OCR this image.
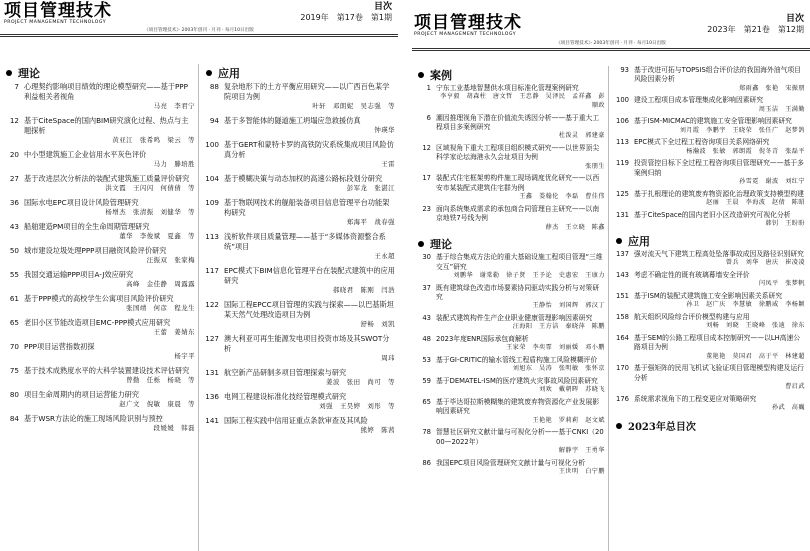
项目管理技术
PROJECT MANAGEMENT TECHNOLOGY
目次
2019年　第17卷　第1期
《项目管理技术》· 2003年创刊 · 月刊 · 每月10日出版
理论
7 心理契约影响项目绩效的理论模型研究——基于PPP利益相关者视角
马亮　李君宁
12 基于CiteSpace的国内BIM研究演化过程、热点与主题探析
黄亚江　张希鸣　梁云　等
20 中小型建筑施工企业信用水平灰色评价
马力　滕培胜
27 基于改进层次分析法的装配式建筑施工质量评价研究
洪文霞　王闪闪　何倩倩　等
36 国际水电EPC项目设计风险管理研究
杨增杰　张清振　刘健华　等
43 船舶建造PM项目的全生命周期管理研究
董华　李俊斌　夏鑫　等
50 城市建设垃圾处理PPP项目融资风险评价研究
汪振双　张家梅
55 我国交通运输PPP项目A-J效应研究
高峰　金佳静　周露露
61 基于PPP模式的高校学生公寓项目风险评价研究
张国靖　何彦　程龙生
65 老旧小区节能改造项目EMC-PPP模式应用研究
王蕾　姜婧东
70 PPP项目运营指数初探
杨宇平
75 基于技术成熟度水平的大科学装置建设技术评估研究
曾勤　任栎　杨晓　等
80 项目生命周期内的项目运营能力研究
赵广文　倪敏　康晨　等
84 基于WSR方法论的施工现场风险识别与预控
段媛媛　韩磊
应用
88 复杂地形下的土方平衡应用研究——以广西百色某学院项目为例
叶轩　邓朗妮　吴志强　等
94 基于多智能体的隧道施工坍塌应急救援仿真
钟瑛华
100 基于GERT和蒙特卡罗的高铁防灾系统集成项目风险仿真分析
王雷
104 基于模糊决策与动态加权的高速公路标段划分研究
彭军龙　张湛江
109 基于物联网技术的舰船装备项目信息管理平台功能架构研究
郑海平　战春强
113 浅析软件项目质量管理——基于“多媒体资源整合系统”项目
王永超
117 EPC模式下BIM信息化管理平台在装配式建筑中的应用研究
郝晓君　陈刚　闫浩
122 国际工程EPCC项目管理的实践与探索——以巴基斯坦某天然气处理改造项目为例
舒畅　刘凯
127 澳大利亚可再生能源发电项目投资市场及其SWOT分析
周玮
131 航空新产品研制多项目管理探索与研究
姜波　张田　尚可　等
136 电网工程建设标准化技经管理模式研究
刘强　王昊婷　刘彤　等
141 国际工程实践中信用证重点条款审查及其风险
熊婷　陈茜
项目管理技术
PROJECT MANAGEMENT TECHNOLOGY
目次
2023年　第21卷　第12期
《项目管理技术》· 2003年创刊 · 月刊 · 每月10日出版
案例
1 宁东工业基地智慧供水项目标准化管理案例研究
李亨毅　胡森柱　唐文哲　王忠静　吴泽民　孟祥鑫　彭顺政
6 潮因推理视角下潜在价值流失诱因分析——基于重大工程项目多案例研究
杜泼灵　郭建豪
12 区域视角下重大工程项目组织模式研究——以世界顶尖科学家论坛海港永久会址项目为例
张朋生
17 装配式住宅框架剪构件施工现场调度优化研究——以西安市某装配式建筑住宅群为例
王鑫　娄翰伦　李磊　曹佳伟
23 面向系统集成需求的承包商合同管理自主研究——以南京地铁7号线为例
薛杰　王立晓　陈鑫
理论
30 基于综合集成方法论的重大基础设施工程项目管理“三维交互”研究
刘鹏华　谢棠勒　徐子贤　王予论　史惠宏　王康力
37 既有建筑绿色改造市场要素协同驱动实践分析与对策研究
王静怡　刘国辉　郭汉丁
43 装配式建筑构件生产企业职业健康管理影响因素研究
汪海阳　王方洁　秦晓萍　陈鹏
48 2023年度ENR国际承包商解析
王家荣　李奕霏　刘丽媛　邓小鹏
53 基于GI-CRITIC的输水管线工程盾构施工风险模糊评价
刘旭东　吴涛　张明敏　张怀京
59 基于DEMATEL-ISM的医疗建筑火灾事故风险因素研究
刘欢　戴朝晖　苏晓飞
65 基于毕达哥拉斯模糊集的建筑废弃物资源化产业发展影响因素研究
王艳艳　罗莉莉　赵文斌
78 智慧社区研究文献计量与可视化分析——基于CNKI（2000—2022年）
解静宇　王勇华
86 我国EPC项目风险管理研究文献计量与可视化分析
王世明　白宁鹏
93 基于改进可拓与TOPSIS组合评价法的我国海外油气项目风险因素分析
郑雨鑫　张艳　宋振朋
100 建设工程项目成本管理集成化影响因素研究
周玉洁　王满勤
106 基于ISM-MICMAC的建筑施工安全管理影响因素研究
刘月霞　李鹏宇　王晓荣　张任广　赵梦鸽
113 EPC模式下全过程工程咨询项目关系网络研究
杨瀚波　张敏　郭朗霞　倪冬青　张磊平
119 投资管控目标下全过程工程咨询项目管理研究——基于多案例归纳
孙雪霓　谢波　刘红宁
125 基于扎根理论的建筑废弃物资源化治理政策支持模型构建
赵丽　王晨　李海波　赵倩　陈昭
131 基于CiteSpace的国内老旧小区改造研究可视化分析
韩钊　王盼盼
应用
137 强对流天气下建筑工程高处坠落事故成因及路径识别研究
曾兵　刘华　唐庆　崔凌凌
143 考虑不确定性的既有玻璃幕墙安全评价
闫凤平　张梦帆
151 基于ISM的装配式建筑施工安全影响因素关系研究
孙卫　赵广庆　李慧敏　徐鹏威　李杨颖
158 航天组织风险综合评价模型构建与应用
刘畅　刘晓　王晓峰　张迪　徐东
164 基于SEM的公路工程项目成本控制研究——以LH高速公路项目为例
董艳艳　莫国君　高于平　林建超
170 基于强矩阵的民用飞机试飞验证项目管理模型构建及运行分析
曹启武
176 系统需求视角下的工程变更应对策略研究
孙武　高巍
2023年总目次
